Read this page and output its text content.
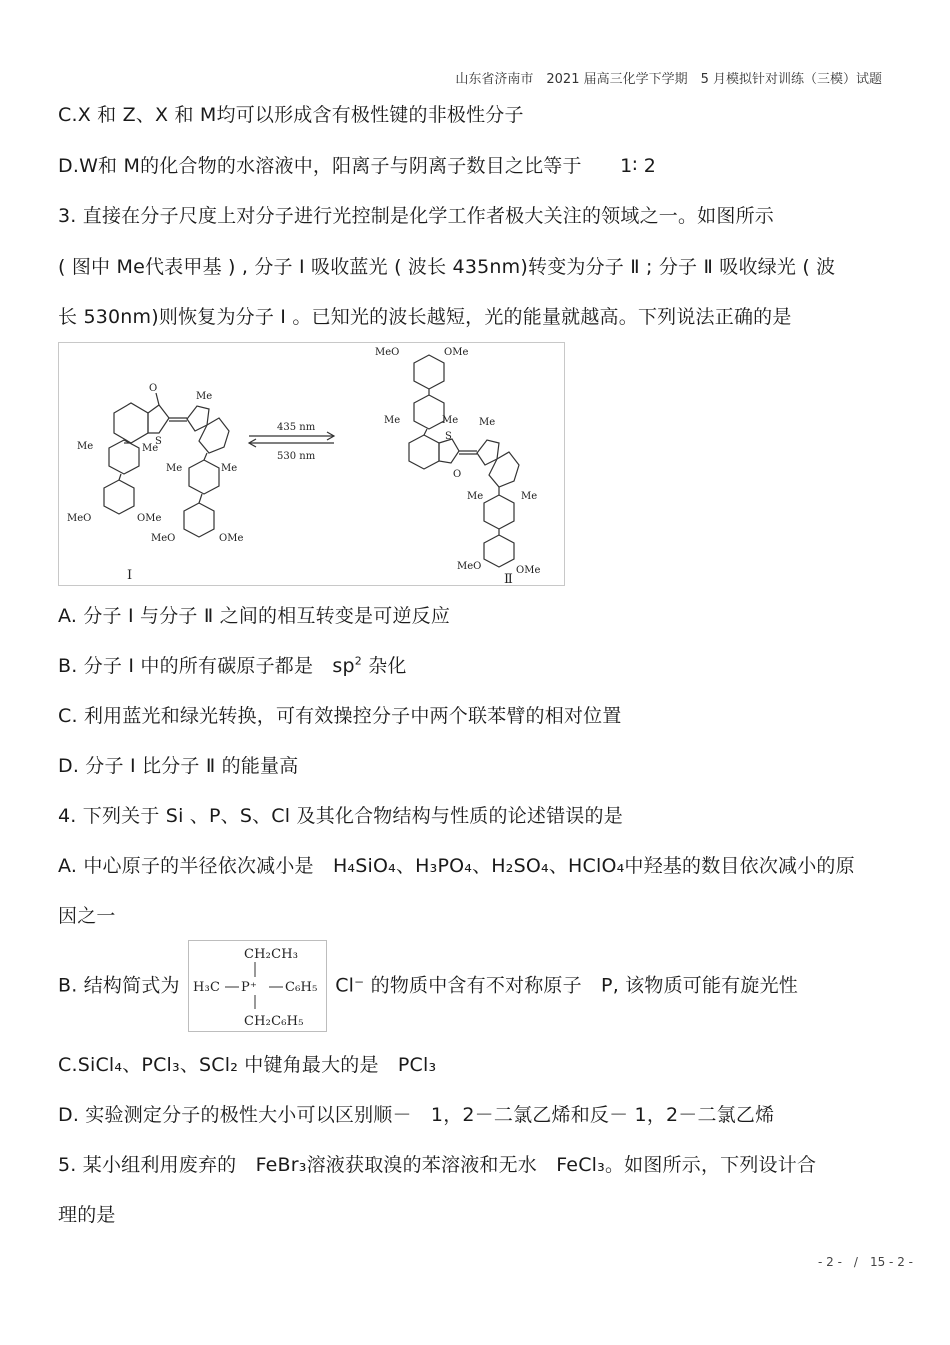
山东省济南市　2021 届高三化学下学期　5 月模拟针对训练（三模）试题
C.X 和 Z、X 和 M均可以形成含有极性键的非极性分子
D.W和 M的化合物的水溶液中，阳离子与阴离子数目之比等于　　1∶ 2
3. 直接在分子尺度上对分子进行光控制是化学工作者极大关注的领域之一。如图所示
( 图中 Me代表甲基 ) , 分子 Ⅰ 吸收蓝光 ( 波长 435nm)转变为分子 Ⅱ ; 分子 Ⅱ 吸收绿光 ( 波
长 530nm)则恢复为分子 Ⅰ 。已知光的波长越短，光的能量就越高。下列说法正确的是
435 nm
530 nm
O
S
Me
Me	Me
Me	Me
MeO	OMe
MeO	OMe
Ⅰ
MeO	OMe
Me	Me
S
O
Me
Me	Me
MeO	OMe
Ⅱ
A. 分子 Ⅰ 与分子 Ⅱ 之间的相互转变是可逆反应
B. 分子 Ⅰ 中的所有碳原子都是　$sp^2$ 杂化
C. 利用蓝光和绿光转换，可有效操控分子中两个联苯臂的相对位置
D. 分子 Ⅰ 比分子 Ⅱ 的能量高
4. 下列关于 Si 、P、S、Cl 及其化合物结构与性质的论述错误的是
A. 中心原子的半径依次减小是　H₄SiO₄、H₃PO₄、H₂SO₄、HClO₄中羟基的数目依次减小的原
因之一
B. 结构简式为
CH₂CH₃
H₃C P⁺ C₆H₅
CH₂C₆H₅
Cl⁻ 的物质中含有不对称原子　P, 该物质可能有旋光性
C.SiCl₄、PCl₃、SCl₂ 中键角最大的是　PCl₃
D. 实验测定分子的极性大小可以区别顺－　1，2－二氯乙烯和反－ 1，2－二氯乙烯
5. 某小组利用废弃的　FeBr₃溶液获取溴的苯溶液和无水　FeCl₃。如图所示，下列设计合
理的是
- 2 -　/　15 - 2 -
